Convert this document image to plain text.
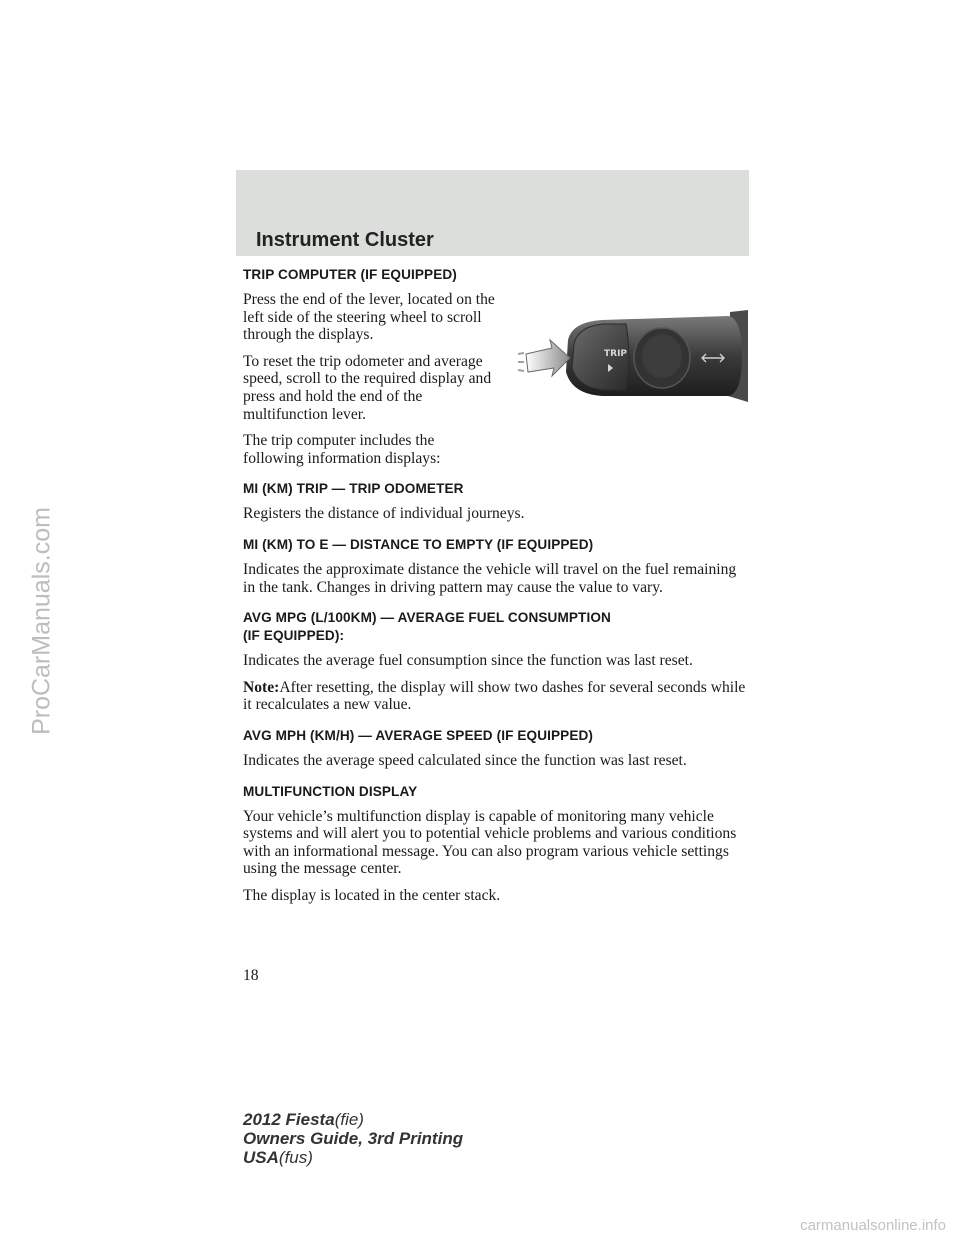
Instrument Cluster
TRIP
TRIP COMPUTER (IF EQUIPPED)

Press the end of the lever, located on the left side of the steering wheel to scroll through the displays.

To reset the trip odometer and average speed, scroll to the required display and press and hold the end of the multifunction lever.

The trip computer includes the following information displays:

MI (KM) TRIP — TRIP ODOMETER

Registers the distance of individual journeys.

MI (KM) TO E — DISTANCE TO EMPTY (IF EQUIPPED)

Indicates the approximate distance the vehicle will travel on the fuel remaining in the tank. Changes in driving pattern may cause the value to vary.

AVG MPG (L/100KM) — AVERAGE FUEL CONSUMPTION
(IF EQUIPPED):

Indicates the average fuel consumption since the function was last reset.

Note:After resetting, the display will show two dashes for several seconds while it recalculates a new value.

AVG MPH (KM/H) — AVERAGE SPEED (IF EQUIPPED)

Indicates the average speed calculated since the function was last reset.

MULTIFUNCTION DISPLAY

Your vehicle’s multifunction display is capable of monitoring many vehicle systems and will alert you to potential vehicle problems and various conditions with an informational message. You can also program various vehicle settings using the message center.

The display is located in the center stack.

18

2012 Fiesta(fie)
Owners Guide, 3rd Printing
USA(fus)
ProCarManuals.com
carmanualsonline.info
